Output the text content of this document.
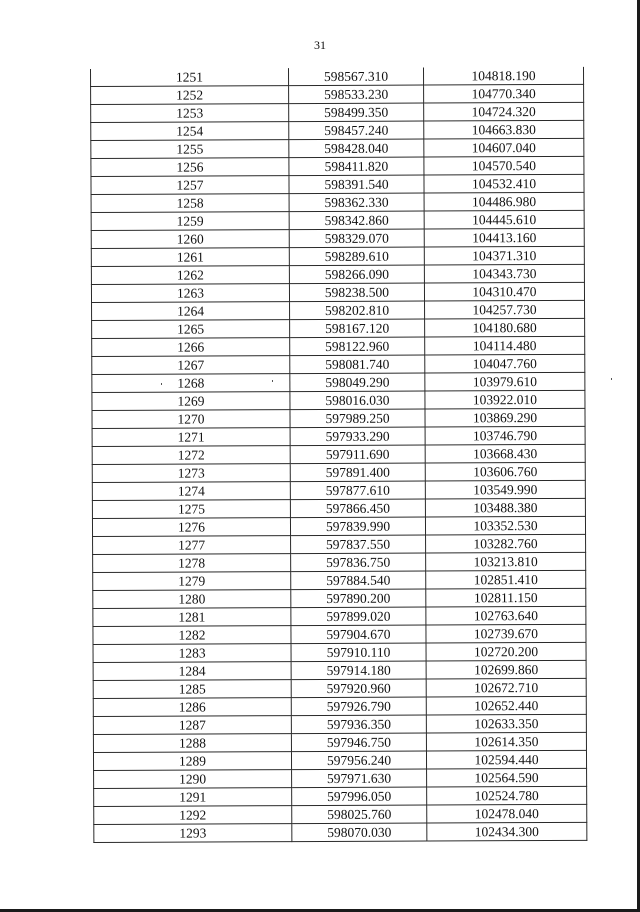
31
1251	598567.310	104818.190
1252	598533.230	104770.340
1253	598499.350	104724.320
1254	598457.240	104663.830
1255	598428.040	104607.040
1256	598411.820	104570.540
1257	598391.540	104532.410
1258	598362.330	104486.980
1259	598342.860	104445.610
1260	598329.070	104413.160
1261	598289.610	104371.310
1262	598266.090	104343.730
1263	598238.500	104310.470
1264	598202.810	104257.730
1265	598167.120	104180.680
1266	598122.960	104114.480
1267	598081.740	104047.760
1268	598049.290	103979.610
1269	598016.030	103922.010
1270	597989.250	103869.290
1271	597933.290	103746.790
1272	597911.690	103668.430
1273	597891.400	103606.760
1274	597877.610	103549.990
1275	597866.450	103488.380
1276	597839.990	103352.530
1277	597837.550	103282.760
1278	597836.750	103213.810
1279	597884.540	102851.410
1280	597890.200	102811.150
1281	597899.020	102763.640
1282	597904.670	102739.670
1283	597910.110	102720.200
1284	597914.180	102699.860
1285	597920.960	102672.710
1286	597926.790	102652.440
1287	597936.350	102633.350
1288	597946.750	102614.350
1289	597956.240	102594.440
1290	597971.630	102564.590
1291	597996.050	102524.780
1292	598025.760	102478.040
1293	598070.030	102434.300
